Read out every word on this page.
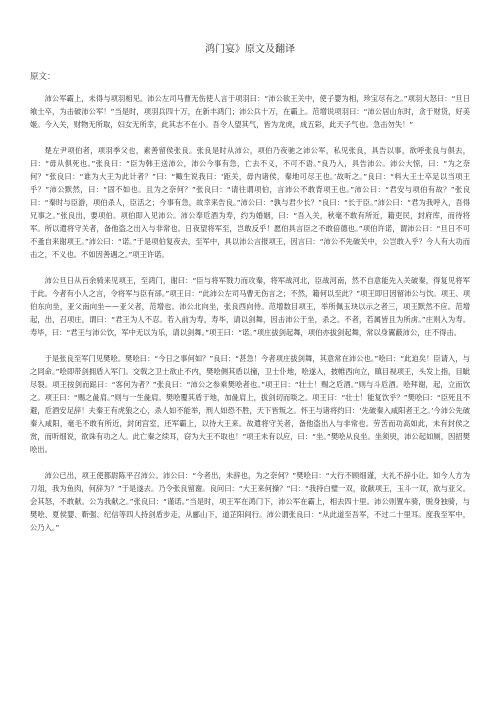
鸿门宴》原文及翻译
原文：

沛公军霸上，未得与项羽相见。沛公左司马曹无伤使人言于项羽曰：“沛公欲王关中，使子婴为相，珍宝尽有之。”项羽大怒曰：“旦日飨士卒，为击破沛公军！”当是时，项羽兵四十万，在新丰鸿门；沛公兵十万，在霸上。范增说项羽曰：“沛公居山东时，贪于财货，好美姬。今入关，财物无所取，妇女无所幸，此其志不在小。吾令人望其气，皆为龙虎，成五彩，此天子气也。急击勿失！”

楚左尹项伯者，项羽季父也，素善留侯张良。张良是时从沛公，项伯乃夜驰之沛公军，私见张良，具告以事，欲呼张良与俱去，曰：“毋从俱死也。”张良曰：“臣为韩王送沛公，沛公今事有急，亡去不义，不可不语。”良乃入，具告沛公。沛公大惊，曰：“为之奈何？”张良曰：“谁为大王为此计者？”曰：“鲰生说我曰：‘距关，毋内诸侯，秦地可尽王也。’故听之。”良曰：“料大王士卒足以当项王乎？”沛公默然，曰：“固不如也。且为之奈何？”张良曰：“请往谓项伯，言沛公不敢背项王也。”沛公曰：“君安与项伯有故？”张良曰：“秦时与臣游，项伯杀人，臣活之；今事有急，故幸来告良。”沛公曰：“孰与君少长？”良曰：“长于臣。”沛公曰：“君为我呼入，吾得兄事之。”张良出，要项伯。项伯即入见沛公。沛公奉卮酒为寿，约为婚姻，曰：“吾入关，秋毫不敢有所近，籍吏民，封府库，而待将军。所以遣将守关者，备他盗之出入与非常也。日夜望将军至，岂敢反乎！愿伯具言臣之不敢倍德也。”项伯许诺，谓沛公曰：“旦日不可不蚤自来谢项王。”沛公曰：“诺。”于是项伯复夜去，至军中，具以沛公言报项王，因言曰：“沛公不先破关中，公岂敢入乎？今人有大功而击之，不义也。不如因善遇之。”项王许诺。

沛公旦日从百余骑来见项王，至鸿门，谢曰：“臣与将军戮力而攻秦，将军战河北，臣战河南，然不自意能先入关破秦，得复见将军于此。今者有小人之言，令将军与臣有郤。”项王曰：“此沛公左司马曹无伤言之；不然，籍何以至此？”项王即日因留沛公与饮。项王、项伯东向坐，亚父南向坐——亚父者，范增也。沛公北向坐，张良西向侍。范增数目项王，举所佩玉玦以示之者三，项王默然不应。范增起，出，召项庄，谓曰：“君王为人不忍。若入前为寿，寿毕，请以剑舞，因击沛公于坐，杀之。不者，若属皆且为所虏。”庄则入为寿。寿毕，曰：“君王与沛公饮，军中无以为乐，请以剑舞。”项王曰：“诺。”项庄拔剑起舞，项伯亦拔剑起舞，常以身翼蔽沛公，庄不得击。

于是张良至军门见樊哙。樊哙曰：“今日之事何如？”良曰：“甚急！今者项庄拔剑舞，其意常在沛公也。”哙曰：“此迫矣！臣请入，与之同命。”哙即带剑拥盾入军门。交戟之卫士欲止不内，樊哙侧其盾以撞，卫士仆地，哙遂入，披帷西向立，瞋目视项王，头发上指，目眦尽裂。项王按剑而跽曰：“客何为者？”张良曰：“沛公之参乘樊哙者也。”项王曰：“壮士！赐之卮酒。”则与斗卮酒。哙拜谢，起，立而饮之。项王曰：“赐之彘肩。”则与一生彘肩。樊哙覆其盾于地，加彘肩上，拔剑切而啖之。项王曰：“壮士！能复饮乎？”樊哙曰：“臣死且不避，卮酒安足辞！夫秦王有虎狼之心，杀人如不能举，刑人如恐不胜，天下皆叛之。怀王与诸将约曰：‘先破秦入咸阳者王之。’今沛公先破秦入咸阳，毫毛不敢有所近，封闭宫室，还军霸上，以待大王来。故遣将守关者，备他盗出入与非常也。劳苦而功高如此，未有封侯之赏，而听细说，欲诛有功之人。此亡秦之续耳，窃为大王不取也！”项王未有以应，曰：“坐。”樊哙从良坐。坐须臾，沛公起如厕，因招樊哙出。

沛公已出，项王使都尉陈平召沛公。沛公曰：“今者出，未辞也，为之奈何？”樊哙曰：“大行不顾细谨，大礼不辞小让。如今人方为刀俎，我为鱼肉，何辞为？”于是遂去。乃令张良留谢。良问曰：“大王来何操？”曰：“我持白璧一双，欲献项王，玉斗一双，欲与亚父。会其怒，不敢献。公为我献之。”张良曰：“谨诺。”当是时，项王军在鸿门下，沛公军在霸上，相去四十里。沛公则置车骑，脱身独骑，与樊哙、夏侯婴、靳强、纪信等四人持剑盾步走，从郦山下，道芷阳间行。沛公谓张良曰：“从此道至吾军，不过二十里耳。度我至军中，公乃入。”
